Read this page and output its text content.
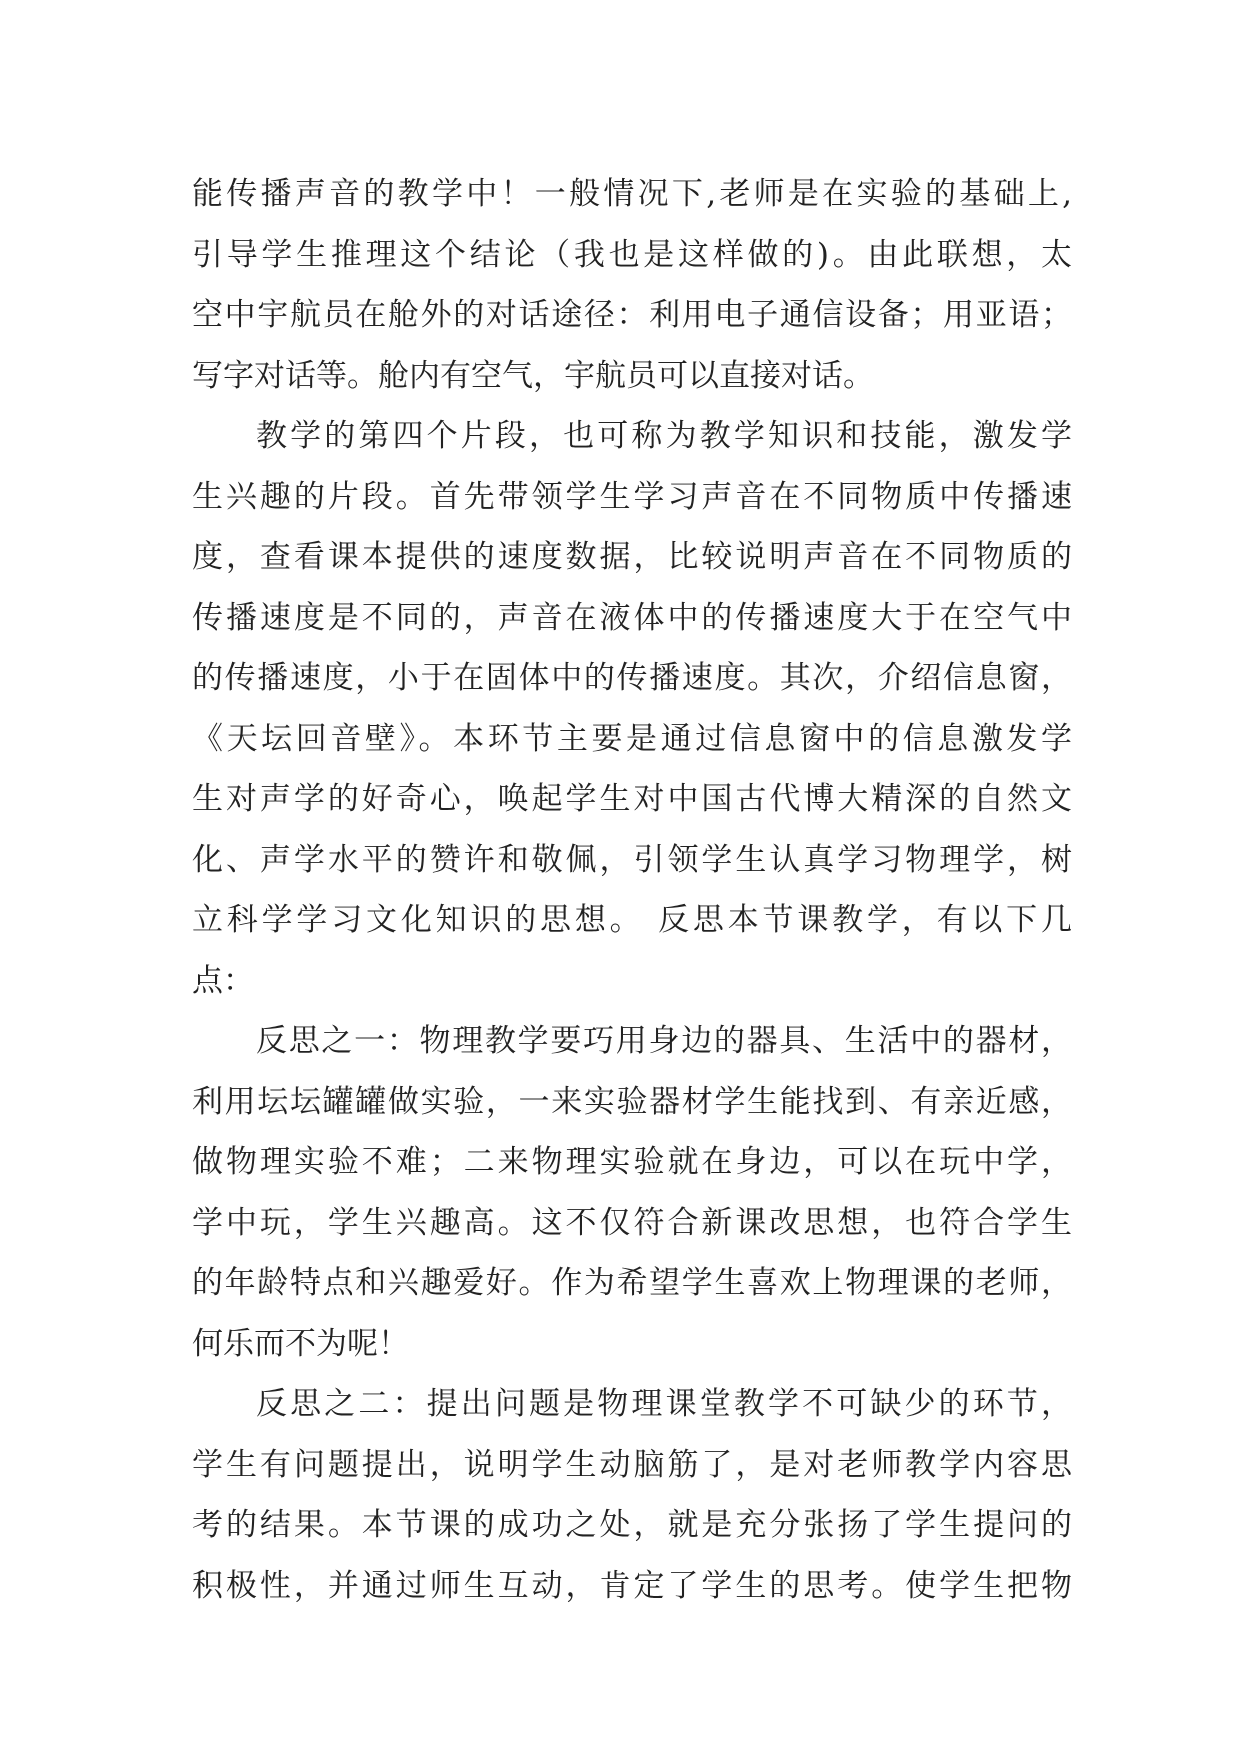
能传播声音的教学中！一般情况下,老师是在实验的基础上,
引导学生推理这个结论（我也是这样做的)。由此联想，太
空中宇航员在舱外的对话途径：利用电子通信设备；用亚语；
写字对话等。舱内有空气，宇航员可以直接对话。
教学的第四个片段，也可称为教学知识和技能，激发学
生兴趣的片段。首先带领学生学习声音在不同物质中传播速
度，查看课本提供的速度数据，比较说明声音在不同物质的
传播速度是不同的，声音在液体中的传播速度大于在空气中
的传播速度，小于在固体中的传播速度。其次，介绍信息窗，
《天坛回音壁》。本环节主要是通过信息窗中的信息激发学
生对声学的好奇心，唤起学生对中国古代博大精深的自然文
化、声学水平的赞许和敬佩，引领学生认真学习物理学，树
立科学学习文化知识的思想。 反思本节课教学，有以下几
点：
反思之一：物理教学要巧用身边的器具、生活中的器材，
利用坛坛罐罐做实验，一来实验器材学生能找到、有亲近感，
做物理实验不难；二来物理实验就在身边，可以在玩中学，
学中玩，学生兴趣高。这不仅符合新课改思想，也符合学生
的年龄特点和兴趣爱好。作为希望学生喜欢上物理课的老师，
何乐而不为呢！
反思之二：提出问题是物理课堂教学不可缺少的环节，
学生有问题提出，说明学生动脑筋了，是对老师教学内容思
考的结果。本节课的成功之处，就是充分张扬了学生提问的
积极性，并通过师生互动，肯定了学生的思考。使学生把物
